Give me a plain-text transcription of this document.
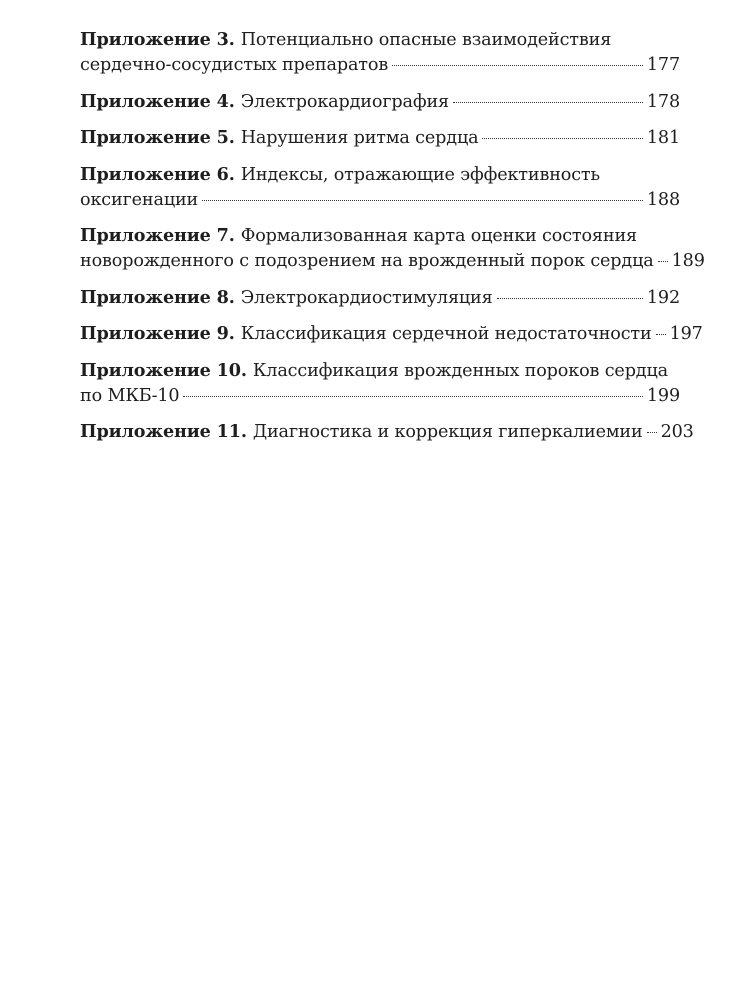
Приложение 3. Потенциально опасные взаимодействия
сердечно-сосудистых препаратов	177
Приложение 4. Электрокардиография	178
Приложение 5. Нарушения ритма сердца	181
Приложение 6. Индексы, отражающие эффективность
оксигенации	188
Приложение 7. Формализованная карта оценки состояния
новорожденного с подозрением на врожденный порок сердца 189
Приложение 8. Электрокардиостимуляция	192
Приложение 9. Классификация сердечной недостаточности 197
Приложение 10. Классификация врожденных пороков сердца
по МКБ-10	199
Приложение 11. Диагностика и коррекция гиперкалиемии 203
